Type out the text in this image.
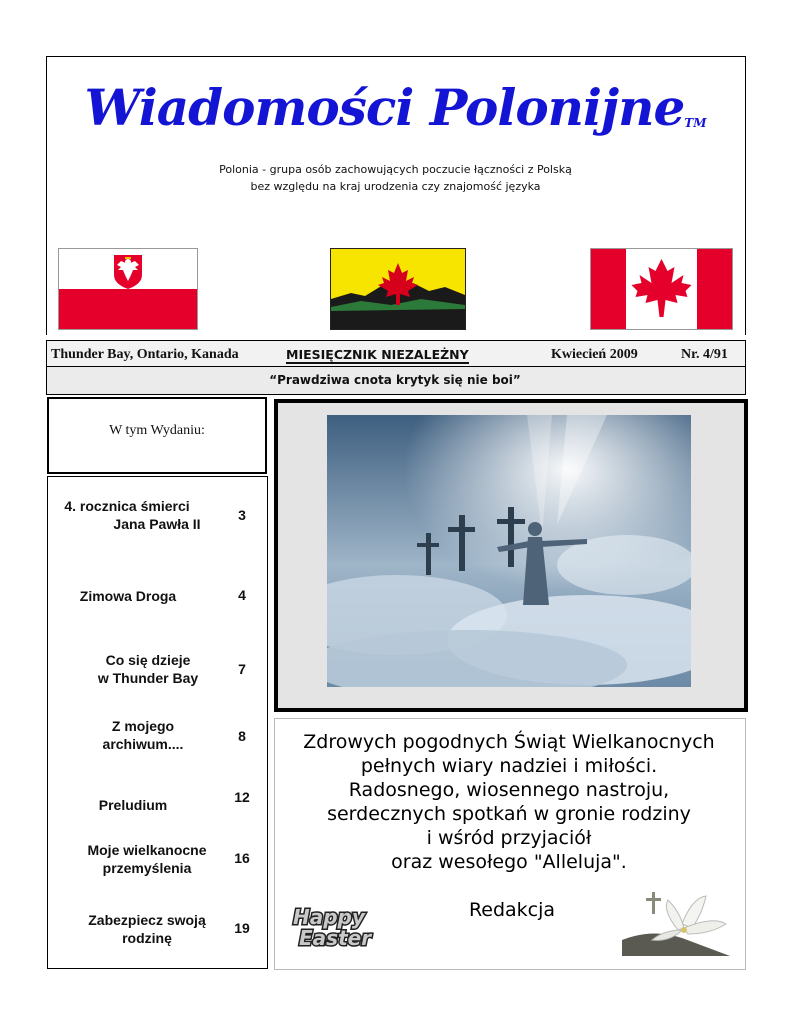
Wiadomości Polonijne™
Polonia - grupa osób zachowujących poczucie łączności z Polską
bez względu na kraj urodzenia czy znajomość języka
Thunder Bay, Ontario, Kanada	MIESIĘCZNIK NIEZALEŻNY	Kwiecień 2009	Nr. 4/91
“Prawdziwa cnota krytyk się nie boi”
W tym Wydaniu:
4. rocznica śmierci
Jana Pawła II
3
Zimowa Droga	4
Co się dzieje
w Thunder Bay
7
Z mojego
archiwum....	8
Preludium	12
Moje wielkanocne
przemyślenia
16
Zabezpiecz swoją
rodzinę
19
Zdrowych pogodnych Świąt Wielkanocnych
pełnych wiary nadziei i miłości.
Radosnego, wiosennego nastroju,
serdecznych spotkań w gronie rodziny
i wśród przyjaciół
oraz wesołego "Alleluja".
Redakcja
Happy
Easter
